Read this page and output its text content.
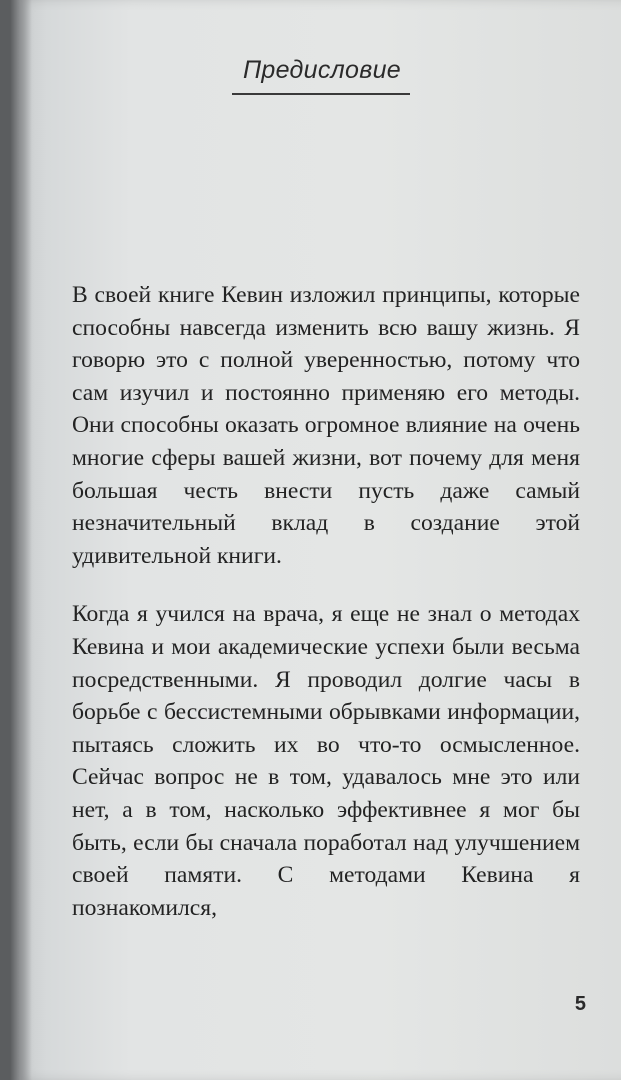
Предисловие

В своей книге Кевин изложил принципы, которые способны навсегда изменить всю вашу жизнь. Я говорю это с полной уверенностью, потому что сам изучил и постоянно применяю его методы. Они способны оказать огромное влияние на очень многие сферы вашей жизни, вот почему для меня большая честь внести пусть даже самый незначительный вклад в создание этой удивительной книги.

Когда я учился на врача, я еще не знал о методах Кевина и мои академические успехи были весьма посредственными. Я проводил долгие часы в борьбе с бессистемными обрывками информации, пытаясь сложить их во что-то осмысленное. Сейчас вопрос не в том, удавалось мне это или нет, а в том, насколько эффективнее я мог бы быть, если бы сначала поработал над улучшением своей памяти. С методами Кевина я познакомился,

5
